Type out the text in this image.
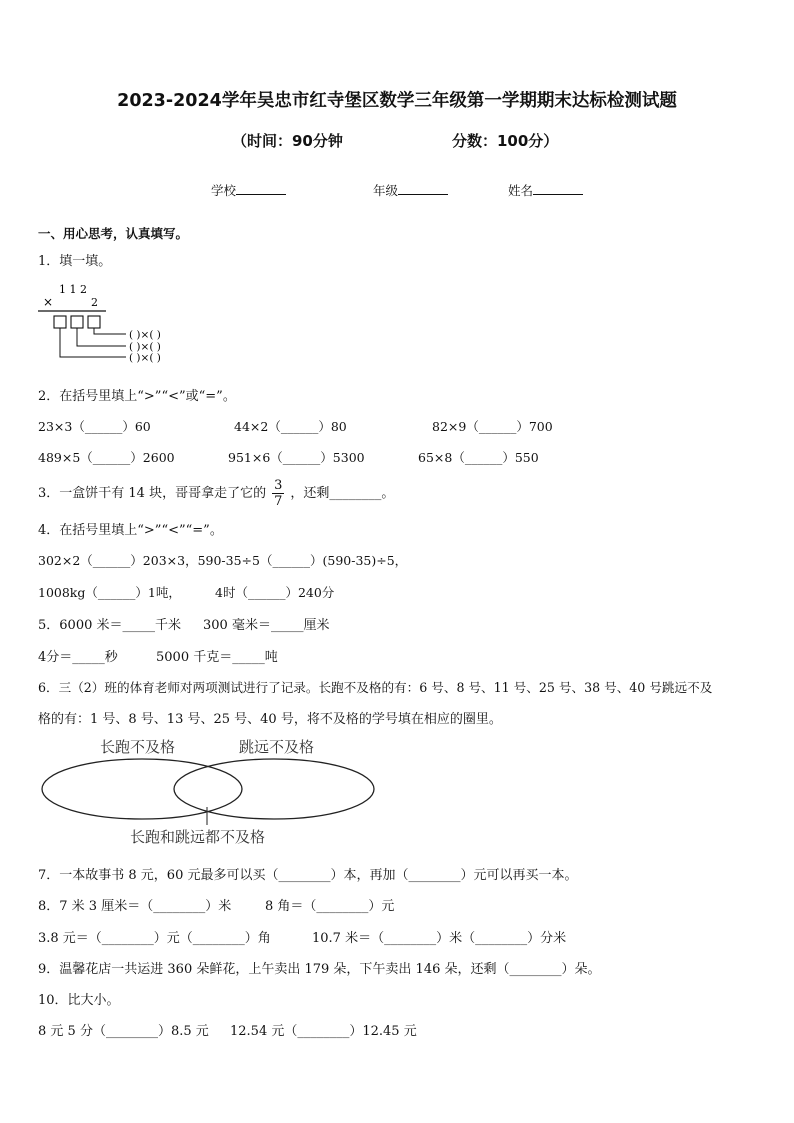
2023-2024学年吴忠市红寺堡区数学三年级第一学期期末达标检测试题
（时间：90分钟	分数：100分）
学校	年级	姓名
一、用心思考，认真填写。
1．填一填。
1 1 2
×	2
( )×( )
( )×( )
( )×( )
2．在括号里填上“>”“<”或“=”。
23×3（______）60	44×2（______）80	82×9（______）700
489×5（______）2600	951×6（______）5300	65×8（______）550
3．一盒饼干有 14 块，哥哥拿走了它的 $\frac{3}{7}$ ，还剩________。
4．在括号里填上“>”“<”“=”。
302×2（______）203×3，590-35÷5（______）(590-35)÷5，
1008kg（______）1吨，	4时（______）240分
5．6000 米＝_____千米 300 毫米＝_____厘米
4分＝_____秒	5000 千克＝_____吨
6．三（2）班的体育老师对两项测试进行了记录。长跑不及格的有：6 号、8 号、11 号、25 号、38 号、40 号跳远不及
格的有：1 号、8 号、13 号、25 号、40 号，将不及格的学号填在相应的圈里。
长跑不及格	跳远不及格
长跑和跳远都不及格
7．一本故事书 8 元，60 元最多可以买（________）本，再加（________）元可以再买一本。
8．7 米 3 厘米＝（________）米	8 角＝（________）元
3.8 元＝（________）元（________）角	10.7 米＝（________）米（________）分米
9．温馨花店一共运进 360 朵鲜花，上午卖出 179 朵，下午卖出 146 朵，还剩（________）朵。
10．比大小。
8 元 5 分（________）8.5 元 12.54 元（________）12.45 元
